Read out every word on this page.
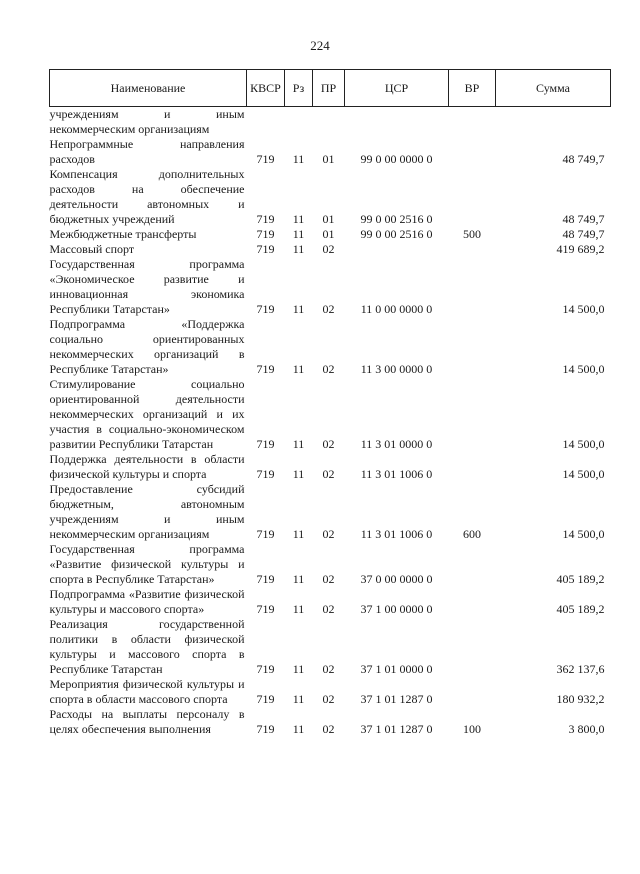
224
Наименование	КВСР	Рз	ПР	ЦСР	ВР	Сумма
учреждениям и иным некоммерческим организациям						
Непрограммные направления расходов	719	11	01	99 0 00 0000 0		48 749,7
Компенсация дополнительных расходов на обеспечение деятельности автономных и бюджетных учреждений	719	11	01	99 0 00 2516 0		48 749,7
Межбюджетные трансферты	719	11	01	99 0 00 2516 0	500	48 749,7
Массовый спорт	719	11	02			419 689,2
Государственная программа «Экономическое развитие и инновационная экономика Республики Татарстан»	719	11	02	11 0 00 0000 0		14 500,0
Подпрограмма «Поддержка социально ориентированных некоммерческих организаций в Республике Татарстан»	719	11	02	11 3 00 0000 0		14 500,0
Стимулирование социально ориентированной деятельности некоммерческих организаций и их участия в социально-экономическом развитии Республики Татарстан	719	11	02	11 3 01 0000 0		14 500,0
Поддержка деятельности в области физической культуры и спорта	719	11	02	11 3 01 1006 0		14 500,0
Предоставление субсидий бюджетным, автономным учреждениям и иным некоммерческим организациям	719	11	02	11 3 01 1006 0	600	14 500,0
Государственная программа «Развитие физической культуры и спорта в Республике Татарстан»	719	11	02	37 0 00 0000 0		405 189,2
Подпрограмма «Развитие физической культуры и массового спорта»	719	11	02	37 1 00 0000 0		405 189,2
Реализация государственной политики в области физической культуры и массового спорта в Республике Татарстан	719	11	02	37 1 01 0000 0		362 137,6
Мероприятия физической культуры и спорта в области массового спорта	719	11	02	37 1 01 1287 0		180 932,2
Расходы на выплаты персоналу в целях обеспечения выполнения	719	11	02	37 1 01 1287 0	100	3 800,0
